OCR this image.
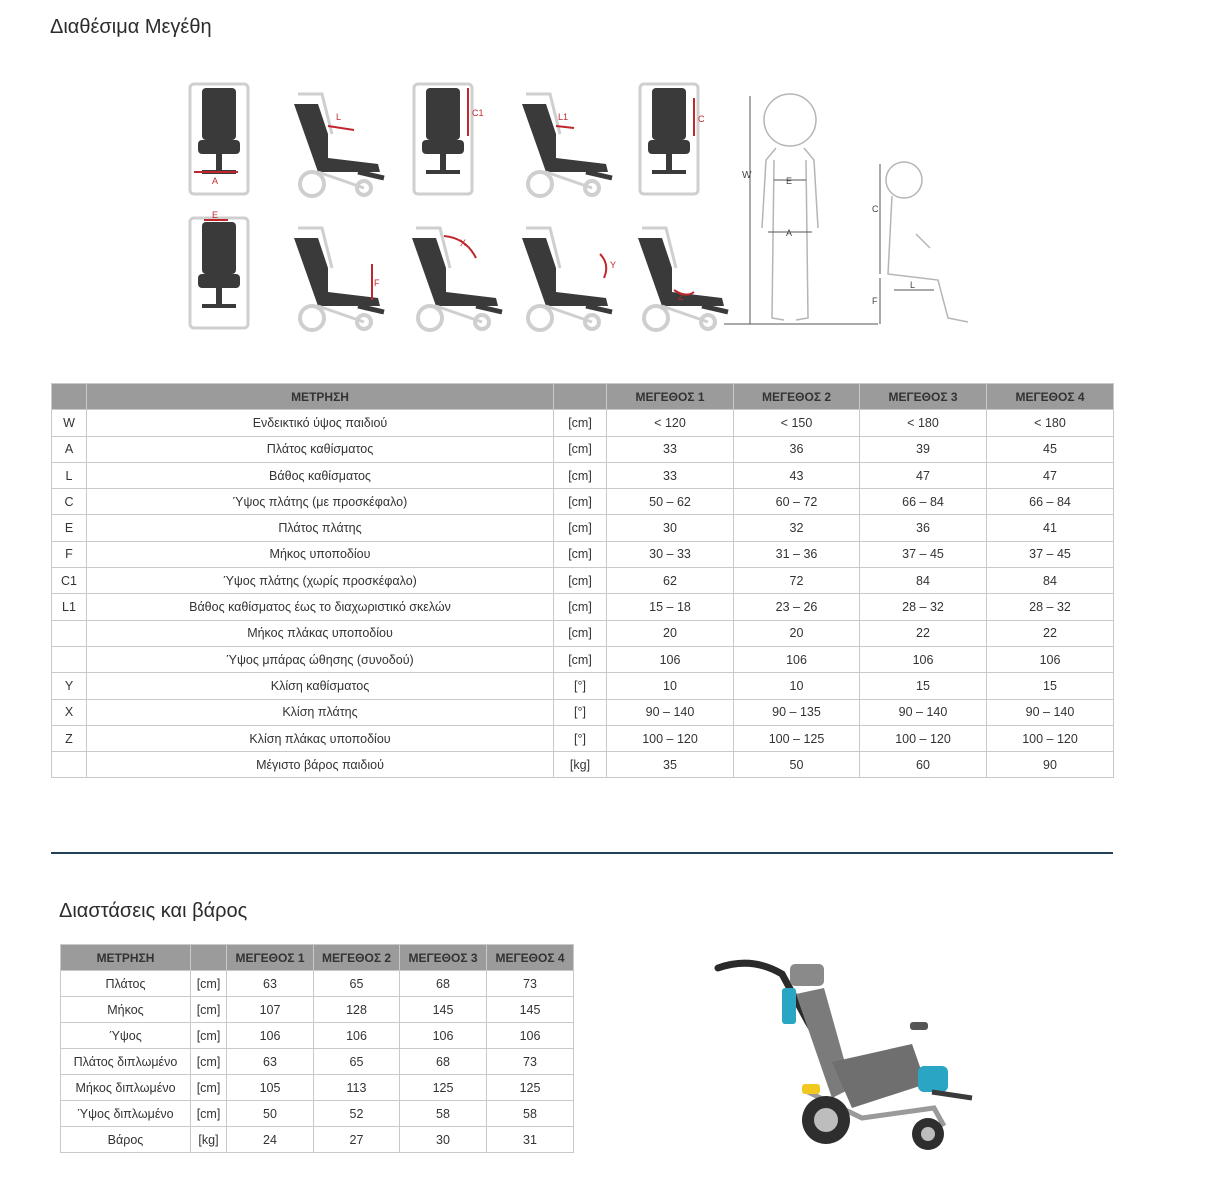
Διαθέσιμα Μεγέθη
A
L	C1	L1	C
W	E
A
C
L
F
E
F
X
Y
Z
	ΜΕΤΡΗΣΗ		ΜΕΓΕΘΟΣ 1	ΜΕΓΕΘΟΣ 2	ΜΕΓΕΘΟΣ 3	ΜΕΓΕΘΟΣ 4
W	Ενδεικτικό ύψος παιδιού	[cm]	< 120	< 150	< 180	< 180
A	Πλάτος καθίσματος	[cm]	33	36	39	45
L	Βάθος καθίσματος	[cm]	33	43	47	47
C	Ύψος πλάτης (με προσκέφαλο)	[cm]	50 – 62	60 – 72	66 – 84	66 – 84
E	Πλάτος πλάτης	[cm]	30	32	36	41
F	Μήκος υποποδίου	[cm]	30 – 33	31 – 36	37 – 45	37 – 45
C1	Ύψος πλάτης (χωρίς προσκέφαλο)	[cm]	62	72	84	84
L1	Βάθος καθίσματος έως το διαχωριστικό σκελών	[cm]	15 – 18	23 – 26	28 – 32	28 – 32
	Μήκος πλάκας υποποδίου	[cm]	20	20	22	22
	Ύψος μπάρας ώθησης (συνοδού)	[cm]	106	106	106	106
Y	Κλίση καθίσματος	[°]	10	10	15	15
X	Κλίση πλάτης	[°]	90 – 140	90 – 135	90 – 140	90 – 140
Z	Κλίση πλάκας υποποδίου	[°]	100 – 120	100 – 125	100 – 120	100 – 120
	Μέγιστο βάρος παιδιού	[kg]	35	50	60	90
Διαστάσεις και βάρος
ΜΕΤΡΗΣΗ		ΜΕΓΕΘΟΣ 1	ΜΕΓΕΘΟΣ 2	ΜΕΓΕΘΟΣ 3	ΜΕΓΕΘΟΣ 4
Πλάτος	[cm]	63	65	68	73
Μήκος	[cm]	107	128	145	145
Ύψος	[cm]	106	106	106	106
Πλάτος διπλωμένο	[cm]	63	65	68	73
Μήκος διπλωμένο	[cm]	105	113	125	125
Ύψος διπλωμένο	[cm]	50	52	58	58
Βάρος	[kg]	24	27	30	31
